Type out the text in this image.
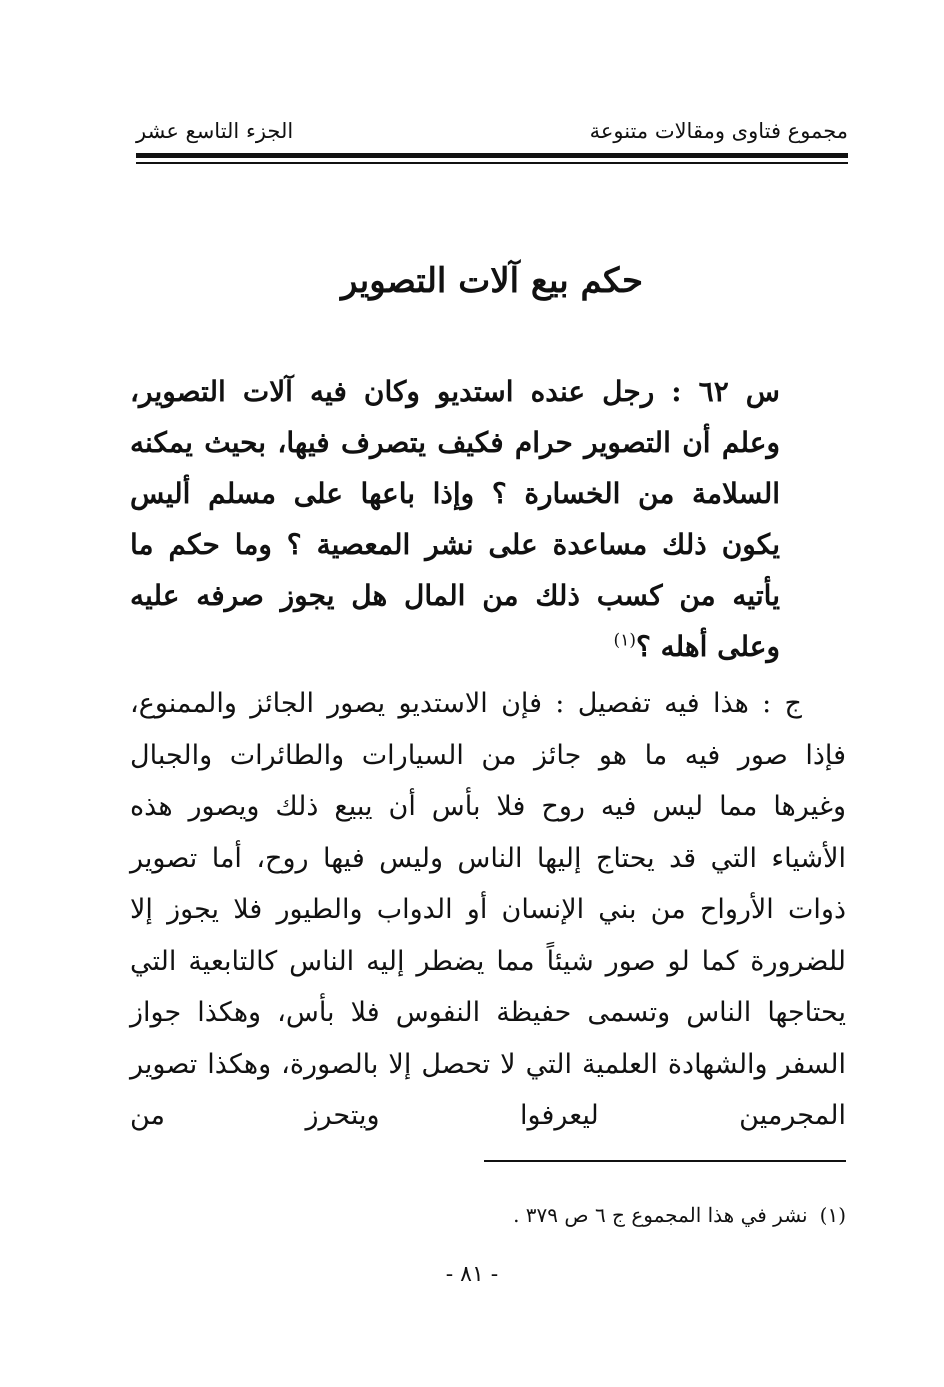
مجموع فتاوى ومقالات متنوعة
الجزء التاسع عشر
حكم بيع آلات التصوير

س ٦٢ : رجل عنده استديو وكان فيه آلات التصوير، وعلم أن التصوير حرام فكيف يتصرف فيها، بحيث يمكنه السلامة من الخسارة ؟ وإذا باعها على مسلم أليس يكون ذلك مساعدة على نشر المعصية ؟ وما حكم ما يأتيه من كسب ذلك من المال هل يجوز صرفه عليه وعلى أهله ؟$^{(١)}$

ج : هذا فيه تفصيل : فإن الاستديو يصور الجائز والممنوع، فإذا صور فيه ما هو جائز من السيارات والطائرات والجبال وغيرها مما ليس فيه روح فلا بأس أن يبيع ذلك ويصور هذه الأشياء التي قد يحتاج إليها الناس وليس فيها روح، أما تصوير ذوات الأرواح من بني الإنسان أو الدواب والطيور فلا يجوز إلا للضرورة كما لو صور شيئاً مما يضطر إليه الناس كالتابعية التي يحتاجها الناس وتسمى حفيظة النفوس فلا بأس، وهكذا جواز السفر والشهادة العلمية التي لا تحصل إلا بالصورة، وهكذا تصوير المجرمين ليعرفوا ويتحرز من

(١)نشر في هذا المجموع ج ٦ ص ٣٧٩ .
- ٨١ -
